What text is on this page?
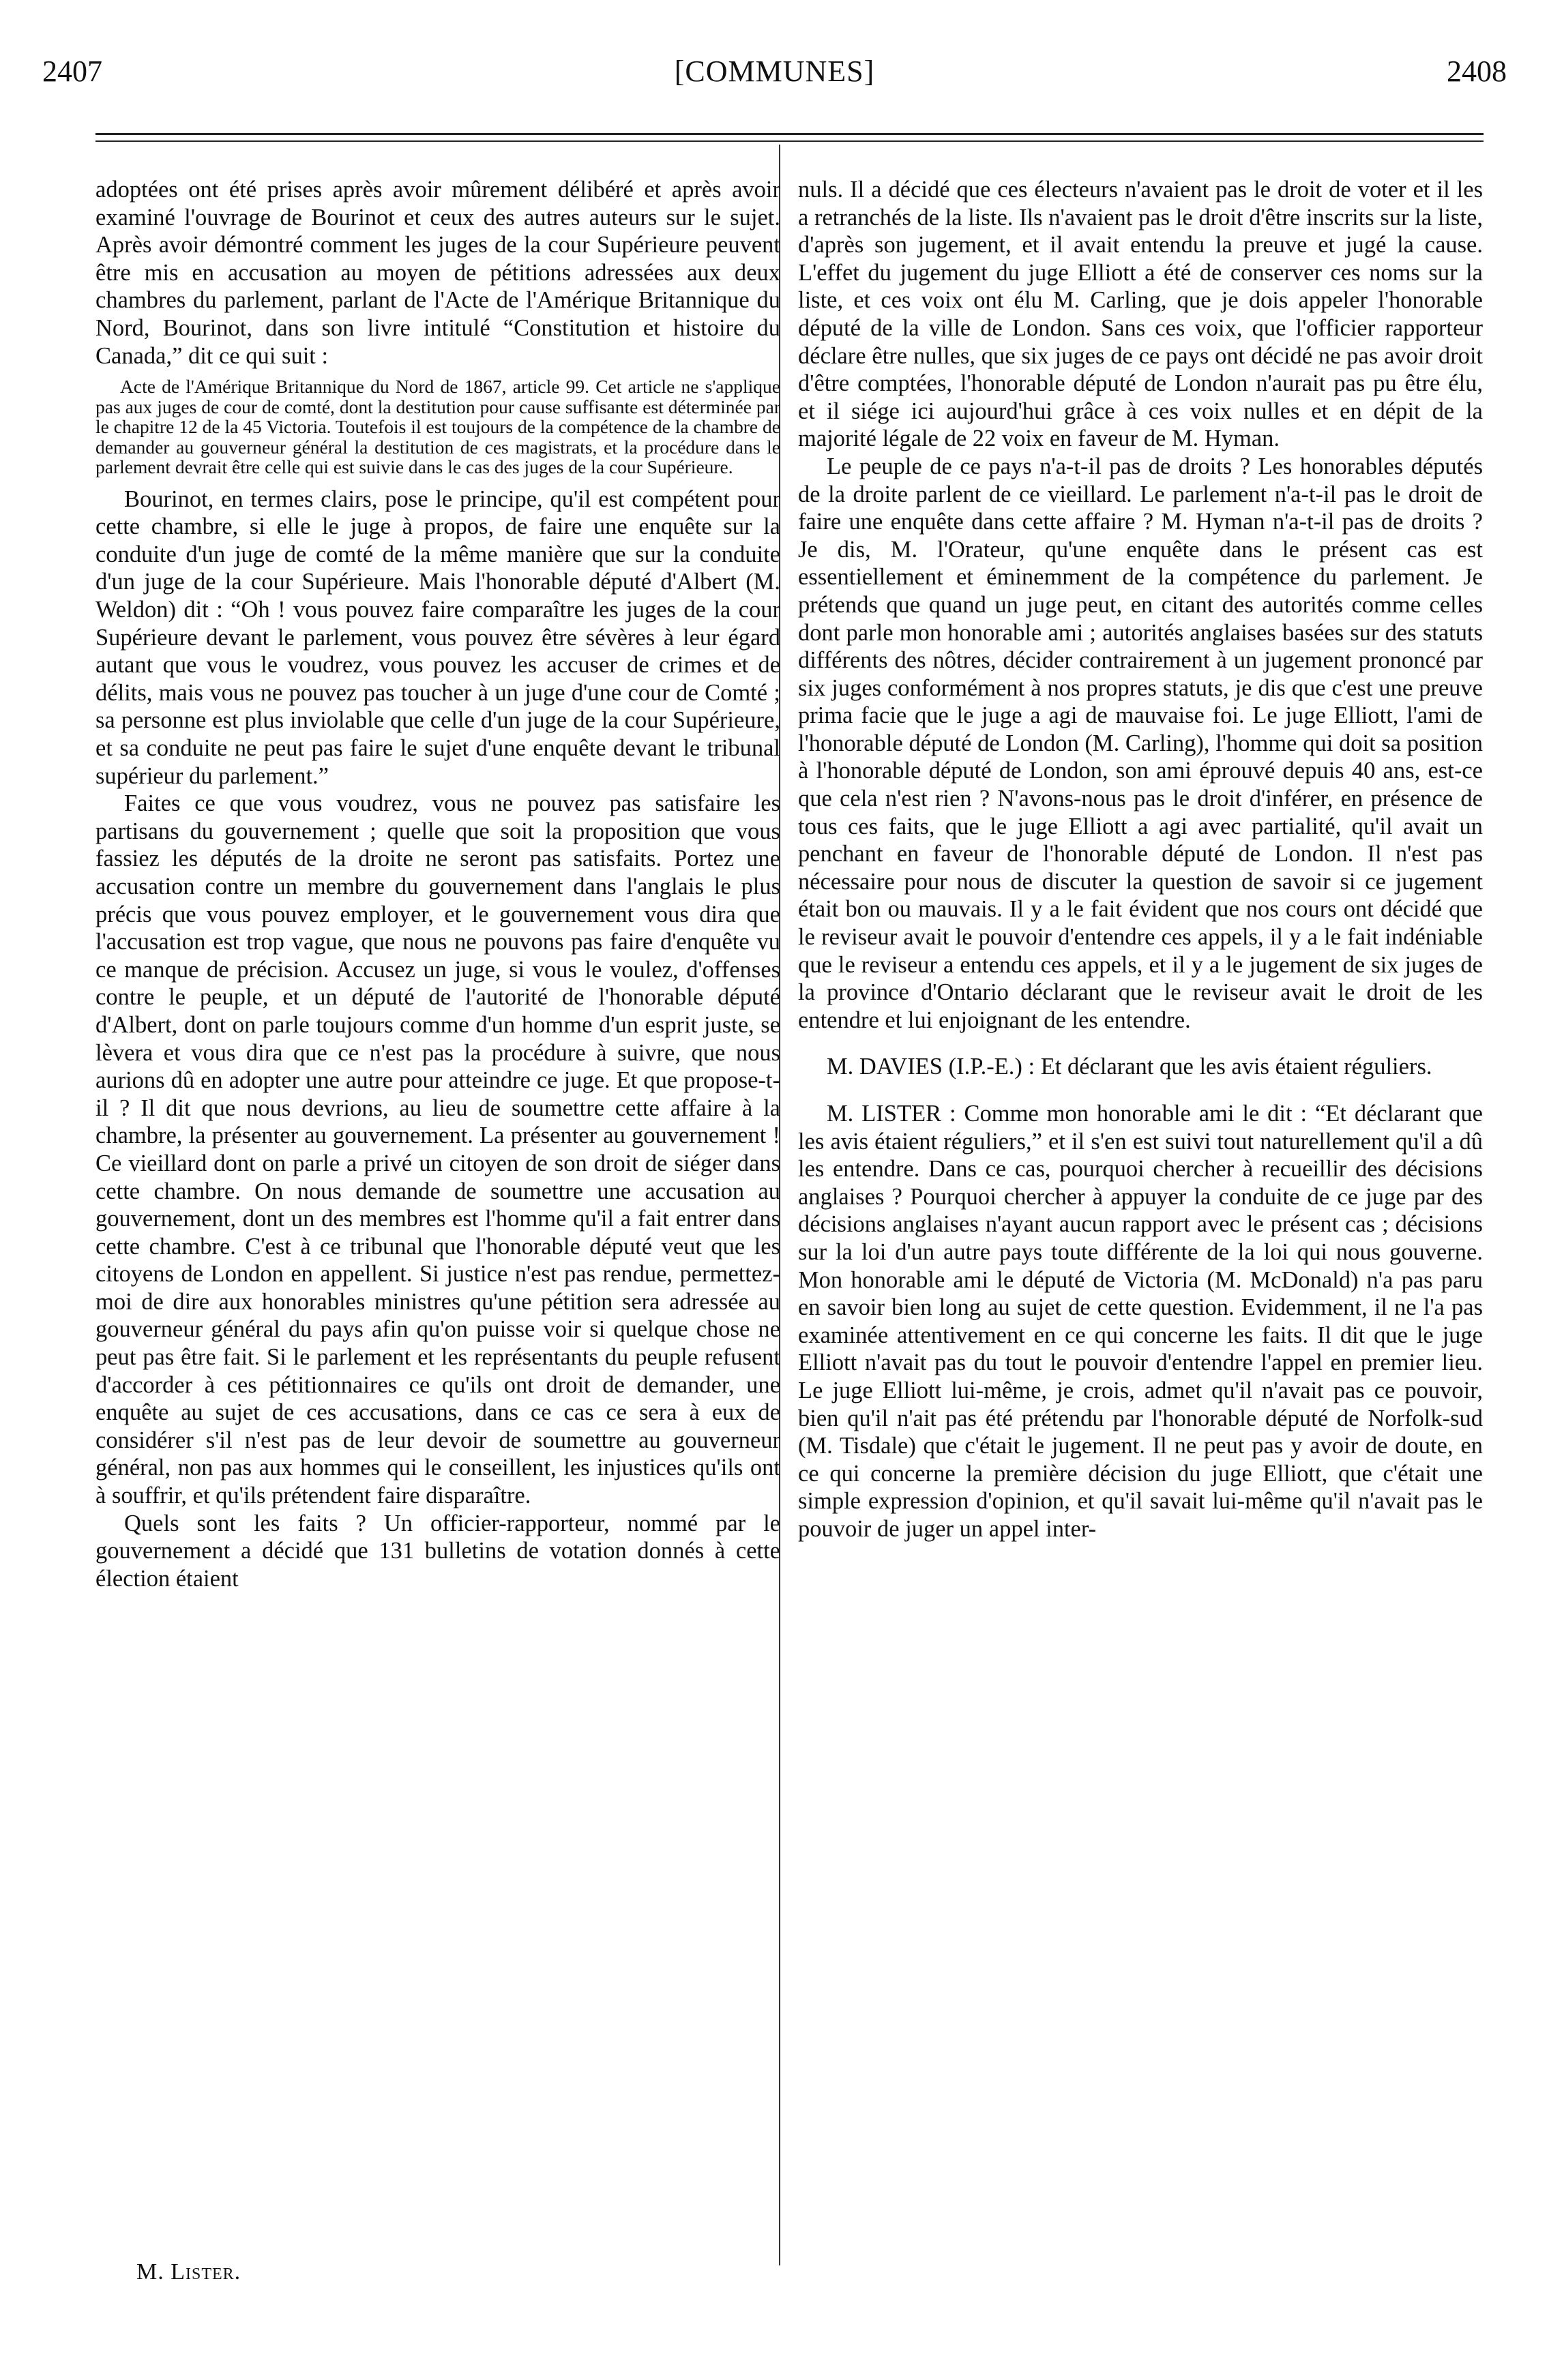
2407	[COMMUNES]	2408

adoptées ont été prises après avoir mûrement délibéré et après avoir examiné l'ouvrage de Bourinot et ceux des autres auteurs sur le sujet. Après avoir démontré comment les juges de la cour Supérieure peuvent être mis en accusation au moyen de pétitions adressées aux deux chambres du parlement, parlant de l'Acte de l'Amérique Britannique du Nord, Bourinot, dans son livre intitulé “Constitution et histoire du Canada,” dit ce qui suit :

Acte de l'Amérique Britannique du Nord de 1867, article 99. Cet article ne s'applique pas aux juges de cour de comté, dont la destitution pour cause suffisante est déterminée par le chapitre 12 de la 45 Victoria. Toutefois il est toujours de la compétence de la chambre de demander au gouverneur général la destitution de ces magistrats, et la procédure dans le parlement devrait être celle qui est suivie dans le cas des juges de la cour Supérieure.

Bourinot, en termes clairs, pose le principe, qu'il est compétent pour cette chambre, si elle le juge à propos, de faire une enquête sur la conduite d'un juge de comté de la même manière que sur la conduite d'un juge de la cour Supérieure. Mais l'honorable député d'Albert (M. Weldon) dit : “Oh ! vous pouvez faire comparaître les juges de la cour Supérieure devant le parlement, vous pouvez être sévères à leur égard autant que vous le voudrez, vous pouvez les accuser de crimes et de délits, mais vous ne pouvez pas toucher à un juge d'une cour de Comté ; sa personne est plus inviolable que celle d'un juge de la cour Supérieure, et sa conduite ne peut pas faire le sujet d'une enquête devant le tribunal supérieur du parlement.”

Faites ce que vous voudrez, vous ne pouvez pas satisfaire les partisans du gouvernement ; quelle que soit la proposition que vous fassiez les députés de la droite ne seront pas satisfaits. Portez une accusation contre un membre du gouvernement dans l'anglais le plus précis que vous pouvez employer, et le gouvernement vous dira que l'accusation est trop vague, que nous ne pouvons pas faire d'enquête vu ce manque de précision. Accusez un juge, si vous le voulez, d'offenses contre le peuple, et un député de l'autorité de l'honorable député d'Albert, dont on parle toujours comme d'un homme d'un esprit juste, se lèvera et vous dira que ce n'est pas la procédure à suivre, que nous aurions dû en adopter une autre pour atteindre ce juge. Et que propose-t-il ? Il dit que nous devrions, au lieu de soumettre cette affaire à la chambre, la présenter au gouvernement. La présenter au gouvernement ! Ce vieillard dont on parle a privé un citoyen de son droit de siéger dans cette chambre. On nous demande de soumettre une accusation au gouvernement, dont un des membres est l'homme qu'il a fait entrer dans cette chambre. C'est à ce tribunal que l'honorable député veut que les citoyens de London en appellent. Si justice n'est pas rendue, permettez-moi de dire aux honorables ministres qu'une pétition sera adressée au gouverneur général du pays afin qu'on puisse voir si quelque chose ne peut pas être fait. Si le parlement et les représentants du peuple refusent d'accorder à ces pétitionnaires ce qu'ils ont droit de demander, une enquête au sujet de ces accusations, dans ce cas ce sera à eux de considérer s'il n'est pas de leur devoir de soumettre au gouverneur général, non pas aux hommes qui le conseillent, les injustices qu'ils ont à souffrir, et qu'ils prétendent faire disparaître.

Quels sont les faits ? Un officier-rapporteur, nommé par le gouvernement a décidé que 131 bulletins de votation donnés à cette élection étaient

nuls. Il a décidé que ces électeurs n'avaient pas le droit de voter et il les a retranchés de la liste. Ils n'avaient pas le droit d'être inscrits sur la liste, d'après son jugement, et il avait entendu la preuve et jugé la cause. L'effet du jugement du juge Elliott a été de conserver ces noms sur la liste, et ces voix ont élu M. Carling, que je dois appeler l'honorable député de la ville de London. Sans ces voix, que l'officier rapporteur déclare être nulles, que six juges de ce pays ont décidé ne pas avoir droit d'être comptées, l'honorable député de London n'aurait pas pu être élu, et il siége ici aujourd'hui grâce à ces voix nulles et en dépit de la majorité légale de 22 voix en faveur de M. Hyman.

Le peuple de ce pays n'a-t-il pas de droits ? Les honorables députés de la droite parlent de ce vieillard. Le parlement n'a-t-il pas le droit de faire une enquête dans cette affaire ? M. Hyman n'a-t-il pas de droits ? Je dis, M. l'Orateur, qu'une enquête dans le présent cas est essentiellement et éminemment de la compétence du parlement. Je prétends que quand un juge peut, en citant des autorités comme celles dont parle mon honorable ami ; autorités anglaises basées sur des statuts différents des nôtres, décider contrairement à un jugement prononcé par six juges conformément à nos propres statuts, je dis que c'est une preuve prima facie que le juge a agi de mauvaise foi. Le juge Elliott, l'ami de l'honorable député de London (M. Carling), l'homme qui doit sa position à l'honorable député de London, son ami éprouvé depuis 40 ans, est-ce que cela n'est rien ? N'avons-nous pas le droit d'inférer, en présence de tous ces faits, que le juge Elliott a agi avec partialité, qu'il avait un penchant en faveur de l'honorable député de London. Il n'est pas nécessaire pour nous de discuter la question de savoir si ce jugement était bon ou mauvais. Il y a le fait évident que nos cours ont décidé que le reviseur avait le pouvoir d'entendre ces appels, il y a le fait indéniable que le reviseur a entendu ces appels, et il y a le jugement de six juges de la province d'Ontario déclarant que le reviseur avait le droit de les entendre et lui enjoignant de les entendre.

M. DAVIES (I.P.-E.) : Et déclarant que les avis étaient réguliers.

M. LISTER : Comme mon honorable ami le dit : “Et déclarant que les avis étaient réguliers,” et il s'en est suivi tout naturellement qu'il a dû les entendre. Dans ce cas, pourquoi chercher à recueillir des décisions anglaises ? Pourquoi chercher à appuyer la conduite de ce juge par des décisions anglaises n'ayant aucun rapport avec le présent cas ; décisions sur la loi d'un autre pays toute différente de la loi qui nous gouverne. Mon honorable ami le député de Victoria (M. McDonald) n'a pas paru en savoir bien long au sujet de cette question. Evidemment, il ne l'a pas examinée attentivement en ce qui concerne les faits. Il dit que le juge Elliott n'avait pas du tout le pouvoir d'entendre l'appel en premier lieu. Le juge Elliott lui-même, je crois, admet qu'il n'avait pas ce pouvoir, bien qu'il n'ait pas été prétendu par l'honorable député de Norfolk-sud (M. Tisdale) que c'était le jugement. Il ne peut pas y avoir de doute, en ce qui concerne la première décision du juge Elliott, que c'était une simple expression d'opinion, et qu'il savait lui-même qu'il n'avait pas le pouvoir de juger un appel inter-

M. Lister.
